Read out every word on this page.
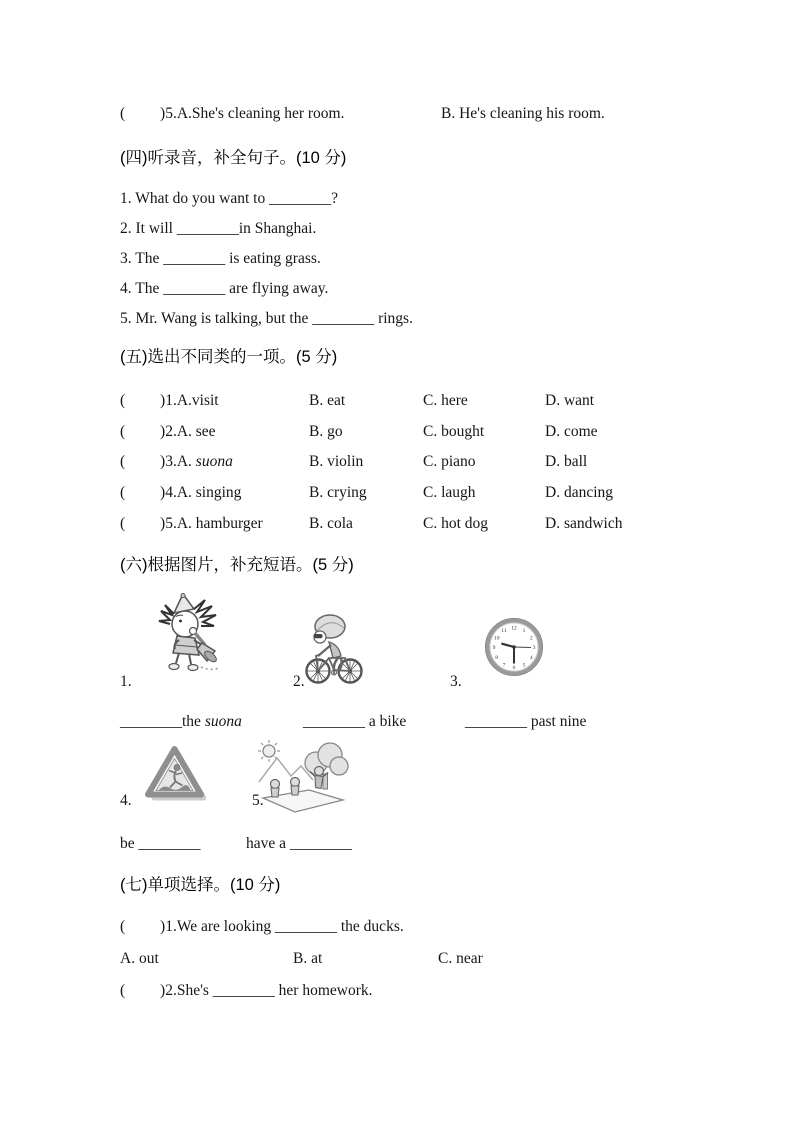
(         )5.A.She's cleaning her room.

	B. He's cleaning his room.

(四)听录音，补全句子。(10 分)
1. What do you want to ________?
2. It will ________in Shanghai.
3. The ________ is eating grass.
4. The ________ are flying away.
5. Mr. Wang is talking, but the ________ rings.
(五)选出不同类的一项。(5 分)

(         )1.A.visit

	B. eat

	C. here

	D. want

(         )2.A. see

	B. go

	C. bought

	D. come

(         )3.A. suona

	B. violin

	C. piano

	D. ball

(         )4.A. singing

	B. crying

	C. laugh

	D. dancing

(         )5.A. hamburger

	B. cola

	C. hot dog

	D. sandwich

(六)根据图片，补充短语。(5 分)
12 1
2
3
4
5
6
7
8
9
10
11

1.

	2.

	3.

________the suona

	________ a bike

	________ past nine

4.

	5.

be ________

	have a ________

(七)单项选择。(10 分)
(         )1.We are looking ________ the ducks.

A. out

	B. at

	C. near

(         )2.She's ________ her homework.
